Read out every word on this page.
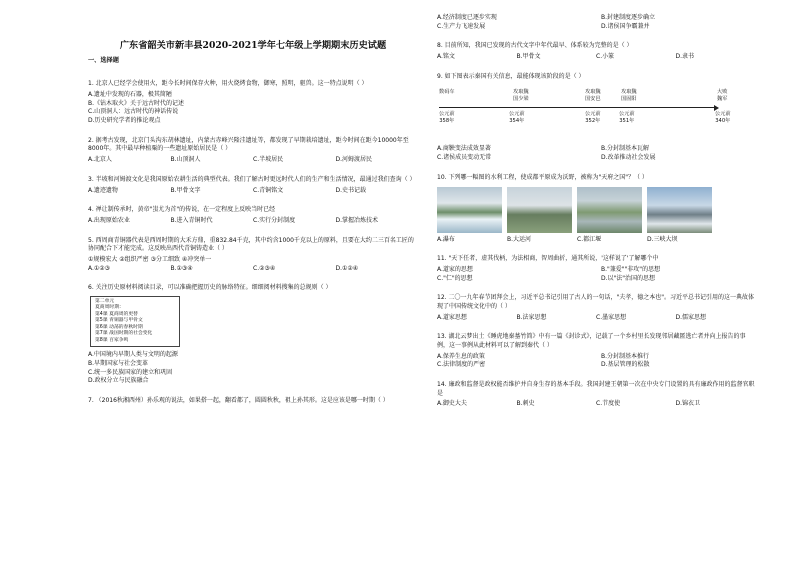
广东省韶关市新丰县2020-2021学年七年级上学期期末历史试题
一、选择题

1. 北京人已经学会使用火，距今长时间保存火种，用火烧烤食物，御寒，照明，驱兽。这一特点说明（ ）

A.遗址中发现的石器，极其简陋

B.《钻木取火》关于远古时代的记述

C.山顶洞人：远古时代的神话传说

D.历史研究学者的推论观点

2. 据考古发现，北京门头沟东胡林遗址，内蒙古赤峰兴隆洼遗址等，都发现了早期栽培遗址，距今时间在距今10000年至8000年。其中最早种植粟的一些遗址原始居民是（ ）

A.北京人	B.山顶洞人	C.半坡居民	D.河姆渡居民

3. 半坡和河姆渡文化是我国原始农耕生活的典型代表。我们了解古时更远时代人们的生产和生活情况，最通过我们查询（ ）

A.遗迹遗物	B.甲骨文字	C.青铜铭文	D.史书记载

4. 禅让制传承时，黄帝"蚩尤为首"的传说，在一定程度上反映当时已经

A.出现原始农业	B.进入青铜时代	C.实行分封制度	D.掌握冶炼技术

5. 西周商青铜器代表是西周时期的大禾方鼎，重832.84千克，其中约含1000千克以上的原料，且要在大约二三百名工匠的协同配合下才能完成。这反映出西代青铜铸造业（ ）

①规模宏大 ②组织严密 ③分工细致 ④冲突单一

A.①②③	B.①③④	C.②③④	D.①②④

6. 关注历史原材料阅读目录，可以准确把握历史的脉络特征。细细阅材料搜集的总规则（ ）

第二单元
夏商周时期：
第4课 夏商周的更替
第5课 青铜器与甲骨文
第6课 动荡的春秋时期
第7课 战国时期的社会变化
第8课 百家争鸣

A.中国境内早期人类与文明的起源

B.早期国家与社会变革

C.统一多民族国家的建立和巩固

D.政权分立与民族融合

7. （2016秋湘西州）孙乐观的说法，如果搭一起，翻看都了，圆圆秋秋，祖上孙其形。这是应该是哪一时期（ ）

A.经济制度已逐步实现	B.封建制度逐步确立

C.生产力飞速发展	D.诸侯国争霸兼并

8. 目前所知，我国已发现的古代文字中年代最早、体系较为完整的是（ ）

A.铭文	B.甲骨文	C.小篆	D.隶书

9. 如下图表示秦国有关信息，最能体现该阶段的是（ ）

数码车	攻取魏
国少梁
攻取魏
国安邑
攻取魏
国固阳
大败
魏军
公元前
358年
公元前
354年
公元前
352年
公元前
351年
公元前
340年

A.商鞅变法成效显著	B.分封制基本瓦解

C.诸侯成员变动无常	D.改革推动社会发展

10. 下列哪一幅图的水利工程，使成都平原成为沃野，被称为"天府之国"？（ ）

A.瀑布	B.大运河	C.都江堰	D.三峡大坝

11. "天下任者，虚其伐柄，为法相商，智周曲折，通其所说，'这样说了'了解哪个中

A.道家的思想	B."兼爱""非攻"的思想

C."仁"的思想	D.以"法"治国的思想

12. 二〇一九年春节团拜会上，习近平总书记引用了古人的一句话，"夫孝，德之本也"。习近平总书记引用的这一典故体现了中国传统文化中的（ ）

A.道家思想	B.法家思想	C.墨家思想	D.儒家思想

13. 湖北云梦出土《睡虎地秦墓竹简》中有一篇《封诊式》，记载了一个乡村里长发现邻居藏匿逃亡者并向上报告的事例，这一事例从此材料可以了解到秦代（ ）

A.保养生息的政策	B.分封制基本推行

C.法律制度的严密	D.基层管理的松散

14. 廉政和监督是政权能否维护并自身生存的基本手段。我国封建王朝第一次在中央专门设置的具有廉政作用的监督官职是

A.御史大夫	B.刺史	C.节度使	D.锦衣卫
